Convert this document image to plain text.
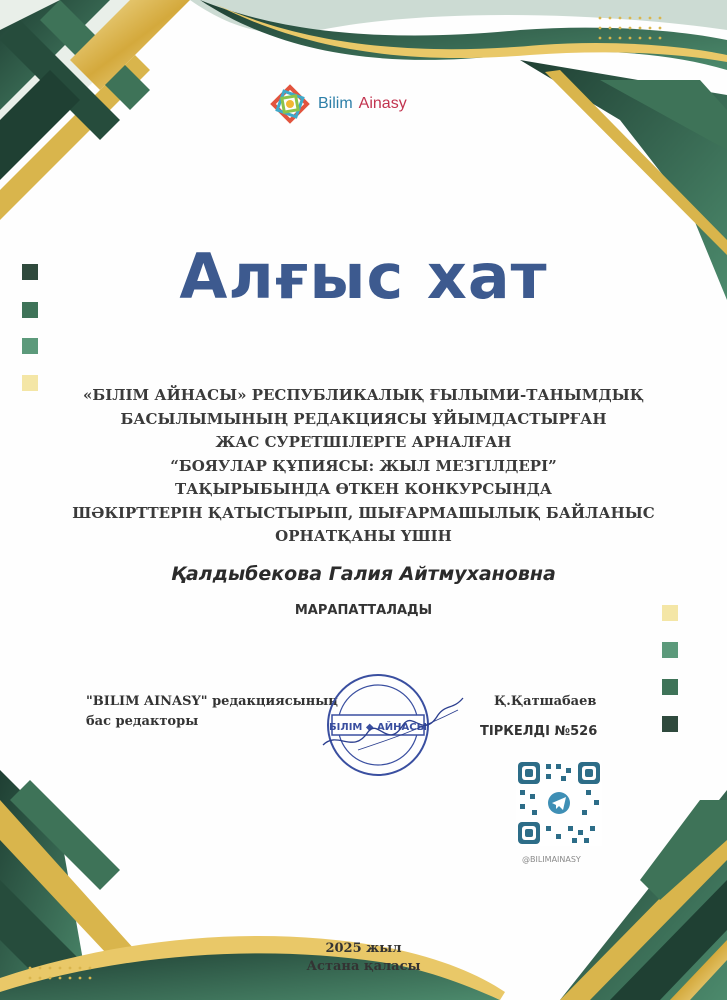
Bilim Ainasy
Алғыс хат
«БІЛІМ АЙНАСЫ» РЕСПУБЛИКАЛЫҚ ҒЫЛЫМИ-ТАНЫМДЫҚ
БАСЫЛЫМЫНЫҢ РЕДАКЦИЯСЫ ҰЙЫМДАСТЫРҒАН
ЖАС СУРЕТШІЛЕРГЕ АРНАЛҒАН
“БОЯУЛАР ҚҰПИЯСЫ: ЖЫЛ МЕЗГІЛДЕРІ”
ТАҚЫРЫБЫНДА ӨТКЕН КОНКУРСЫНДА
ШӘКІРТТЕРІН ҚАТЫСТЫРЫП, ШЫҒАРМАШЫЛЫҚ БАЙЛАНЫС
ОРНАТҚАНЫ ҮШІН
Қалдыбекова Галия Айтмухановна
МАРАПАТТАЛАДЫ
"BILIM AINASY" редакциясының
бас редакторы
Қ.Қатшабаев
ТІРКЕЛДІ №526
БІЛІМ ◆ АЙНАСЫ
@BILIMAINASY
2025 жыл
Астана қаласы
